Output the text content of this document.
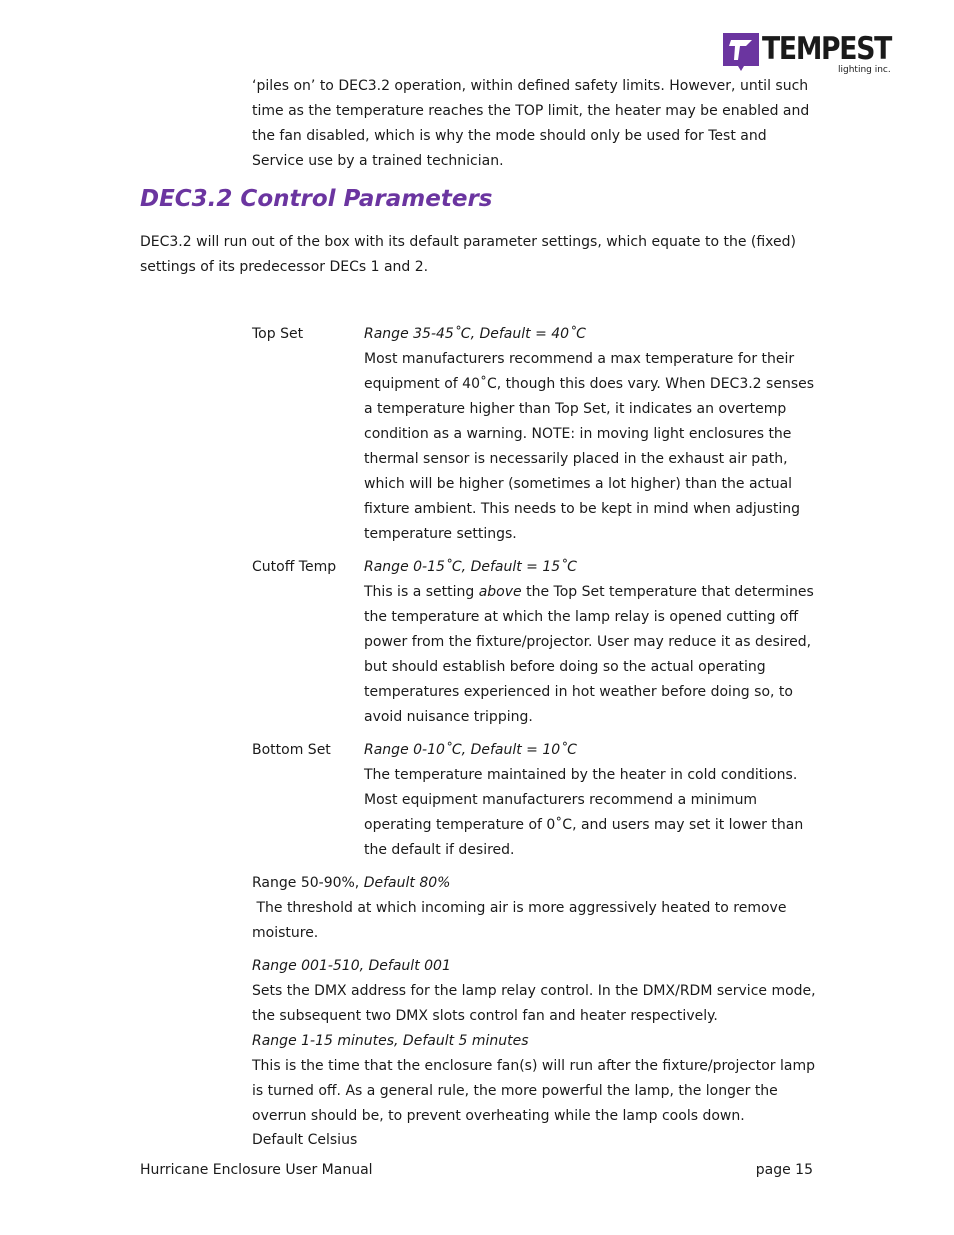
TEMPEST
lighting inc.
‘piles on’ to DEC3.2 operation, within defined safety limits. However, until such time as the temperature reaches the TOP limit, the heater may be enabled and the fan disabled, which is why the mode should only be used for Test and Service use by a trained technician.
DEC3.2 Control Parameters
DEC3.2 will run out of the box with its default parameter settings, which equate to the (fixed) settings of its predecessor DECs 1 and 2.
Top Set	Range 35-45˚C, Default = 40˚C
Most manufacturers recommend a max temperature for their equipment of 40˚C, though this does vary. When DEC3.2 senses a temperature higher than Top Set, it indicates an overtemp condition as a warning. NOTE: in moving light enclosures the thermal sensor is necessarily placed in the exhaust air path, which will be higher (sometimes a lot higher) than the actual fixture ambient. This needs to be kept in mind when adjusting temperature settings.
Cutoff Temp	Range 0-15˚C, Default = 15˚C
This is a setting above the Top Set temperature that determines the temperature at which the lamp relay is opened cutting off power from the fixture/projector. User may reduce it as desired, but should establish before doing so the actual operating temperatures experienced in hot weather before doing so, to avoid nuisance tripping.
Bottom Set	Range 0-10˚C, Default = 10˚C
The temperature maintained by the heater in cold conditions. Most equipment manufacturers recommend a minimum operating temperature of 0˚C, and users may set it lower than the default if desired.
Range 50-90%, Default 80%
The threshold at which incoming air is more aggressively heated to remove moisture.
Range 001-510, Default 001
Sets the DMX address for the lamp relay control. In the DMX/RDM service mode, the subsequent two DMX slots control fan and heater respectively.
Range 1-15 minutes, Default 5 minutes
This is the time that the enclosure fan(s) will run after the fixture/projector lamp is turned off. As a general rule, the more powerful the lamp, the longer the overrun should be, to prevent overheating while the lamp cools down.
Default Celsius
Hurricane Enclosure User Manual	page 15
